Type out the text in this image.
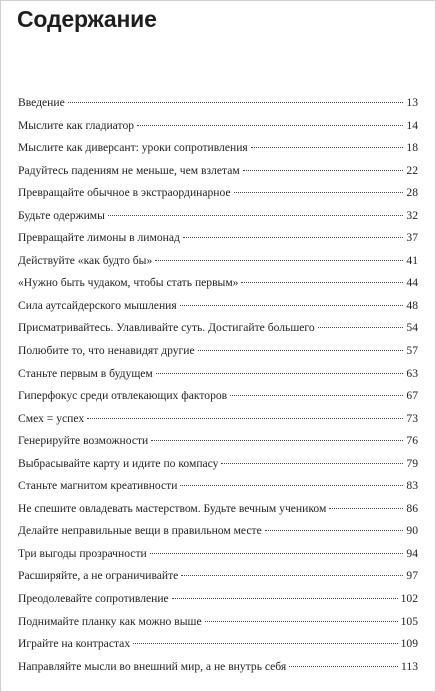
Содержание
Введение	13
Мыслите как гладиатор	14
Мыслите как диверсант: уроки сопротивления	18
Радуйтесь падениям не меньше, чем взлетам	22
Превращайте обычное в экстраординарное	28
Будьте одержимы	32
Превращайте лимоны в лимонад	37
Действуйте «как будто бы»	41
«Нужно быть чудаком, чтобы стать первым»	44
Сила аутсайдерского мышления	48
Присматривайтесь. Улавливайте суть. Достигайте большего	54
Полюбите то, что ненавидят другие	57
Станьте первым в будущем	63
Гиперфокус среди отвлекающих факторов	67
Смех = успех	73
Генерируйте возможности	76
Выбрасывайте карту и идите по компасу	79
Станьте магнитом креативности	83
Не спешите овладевать мастерством. Будьте вечным учеником	86
Делайте неправильные вещи в правильном месте	90
Три выгоды прозрачности	94
Расширяйте, а не ограничивайте	97
Преодолевайте сопротивление	102
Поднимайте планку как можно выше	105
Играйте на контрастах	109
Направляйте мысли во внешний мир, а не внутрь себя	113
